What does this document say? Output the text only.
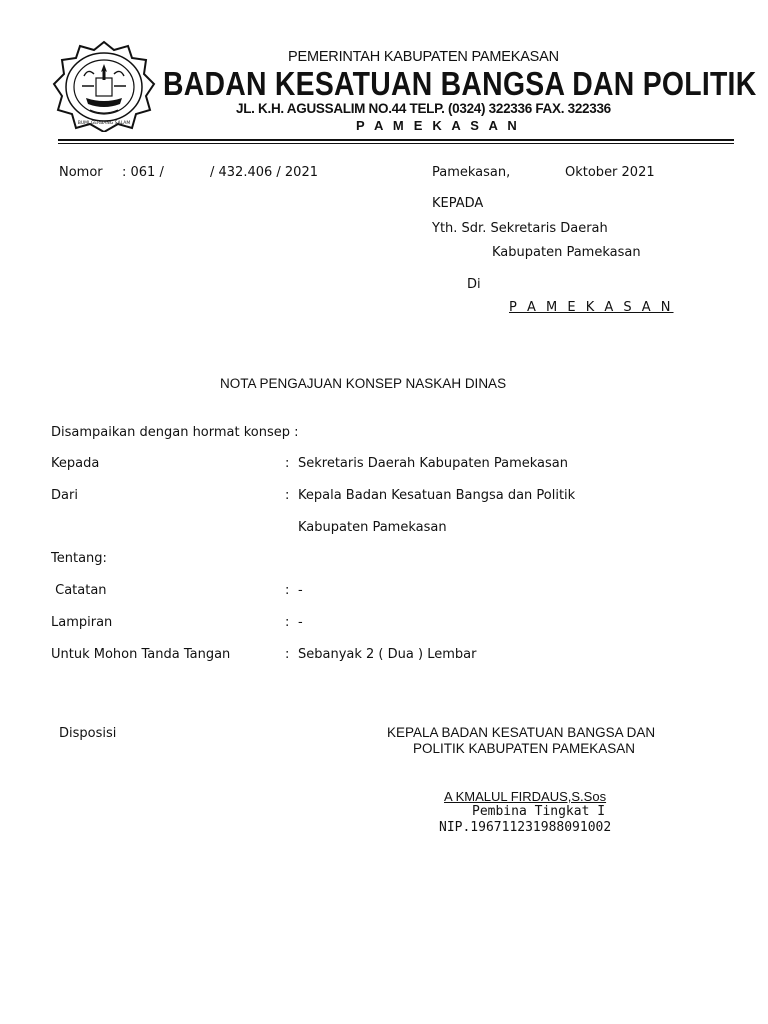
BUMI GERBANG SALAM
PEMERINTAH KABUPATEN PAMEKASAN
BADAN KESATUAN BANGSA DAN POLITIK
JL. K.H. AGUSSALIM NO.44 TELP. (0324) 322336 FAX. 322336
P A M E K A S A N
Nomor : 061 /	/ 432.406 / 2021	Pamekasan,	Oktober 2021
KEPADA
Yth. Sdr. Sekretaris Daerah
Kabupaten Pamekasan
Di
P A M E K A S A N
NOTA PENGAJUAN KONSEP NASKAH DINAS
Disampaikan dengan hormat konsep :
Kepada	: Sekretaris Daerah Kabupaten Pamekasan
Dari	: Kepala Badan Kesatuan Bangsa dan Politik
Kabupaten Pamekasan
Tentang:
Catatan	: -
Lampiran	: -
Untuk Mohon Tanda Tangan	: Sebanyak 2 ( Dua ) Lembar
Disposisi	KEPALA BADAN KESATUAN BANGSA DAN
POLITIK KABUPATEN PAMEKASAN
A KMALUL FIRDAUS,S.Sos
Pembina Tingkat I
NIP.196711231988091002
